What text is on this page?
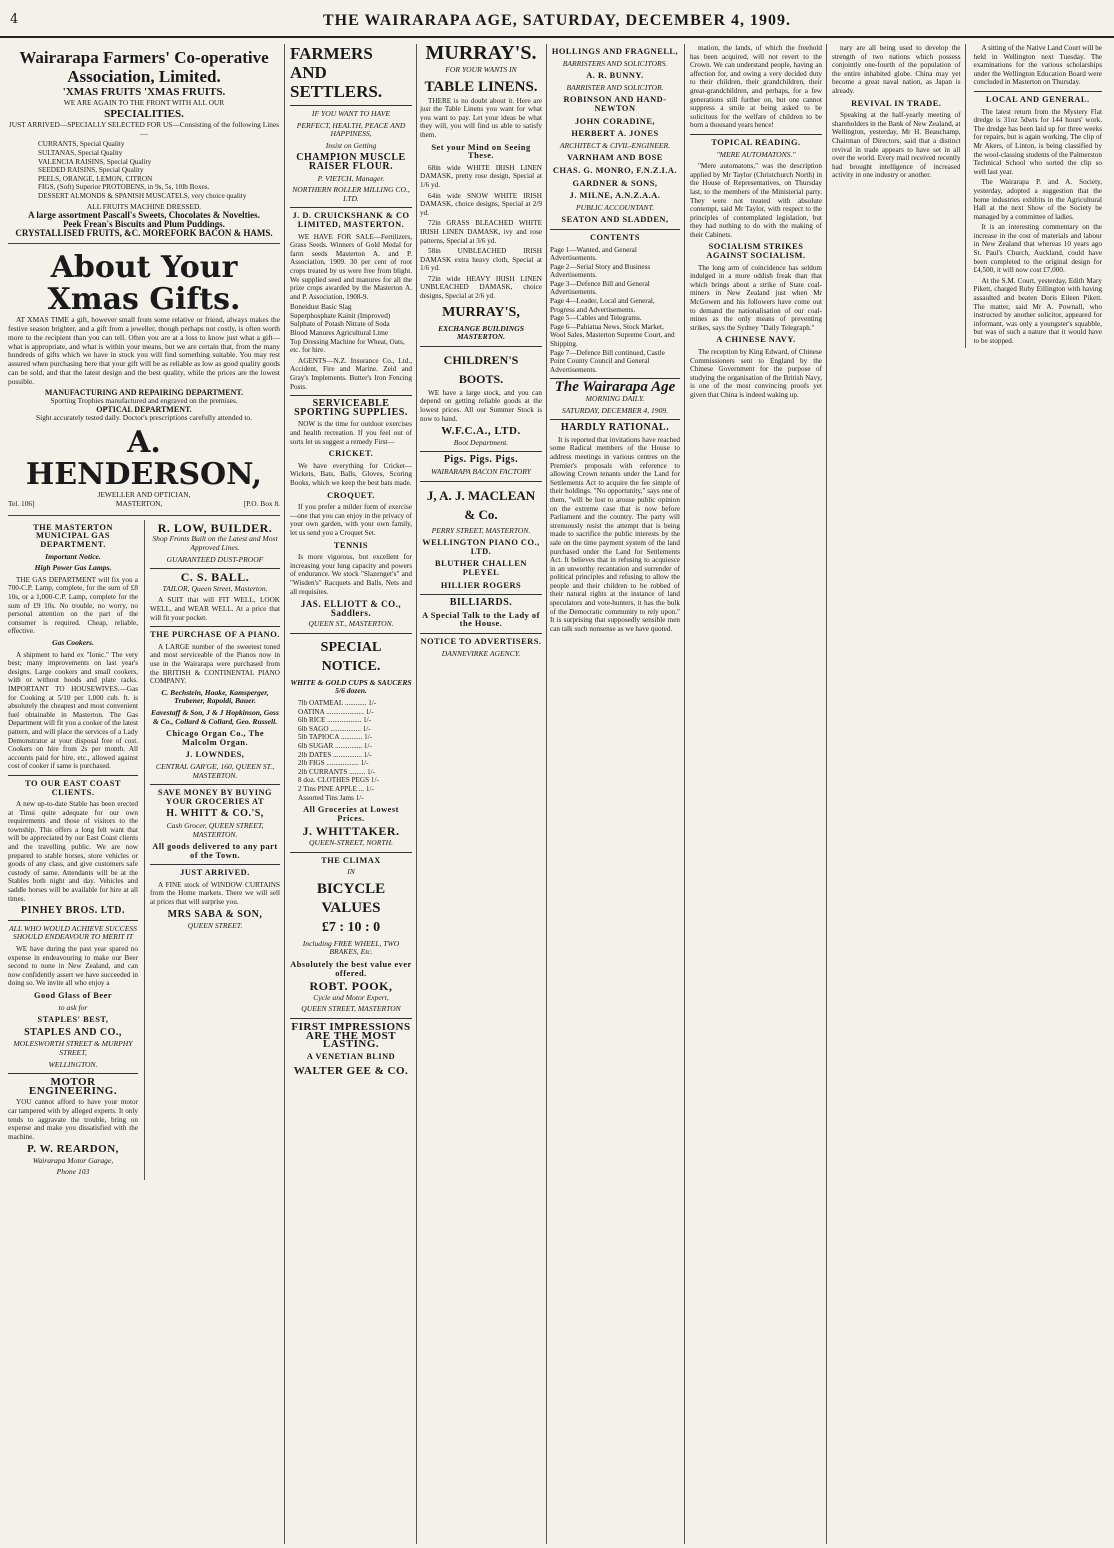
4	THE WAIRARAPA AGE, SATURDAY, DECEMBER 4, 1909.
Wairarapa Farmers' Co-operative Association, Limited.
'XMAS FRUITS 'XMAS FRUITS.
WE ARE AGAIN TO THE FRONT WITH ALL OUR
SPECIALITIES.
JUST ARRIVED—SPECIALLY SELECTED FOR US—Consisting of the following Lines—
CURRANTS, Special Quality
SULTANAS, Special Quality
VALENCIA RAISINS, Special Quality
SEEDED RAISINS, Special Quality
PEELS, ORANGE, LEMON, CITRON
FIGS, (Soft) Superior PROTOBENS, in 9s, 5s, 10lb Boxes.
DESSERT ALMONDS & SPANISH MUSCATELS, very choice quality
ALL FRUITS MACHINE DRESSED.
A large assortment Pascall's Sweets, Chocolates & Novelties.
Peek Frean's Biscuits and Plum Puddings.
CRYSTALLISED FRUITS, &C. MOREFORK BACON & HAMS.
About Your Xmas Gifts.

AT XMAS TIME a gift, however small from some relative or friend, always makes the festive season brighter, and a gift from a jeweller, though perhaps not costly, is often worth more to the recipient than you can tell. Often you are at a loss to know just what a gift—what is appropriate, and what is within your means, but we are certain that, from the many hundreds of gifts which we have in stock you will find something suitable. You may rest assured when purchasing here that your gift will be as reliable as low as good quality goods can be sold, and that the latest design and the best quality, while the prices are the lowest possible.

MANUFACTURING AND REPAIRING DEPARTMENT.
Sporting Trophies manufactured and engraved on the premises.
OPTICAL DEPARTMENT.
Sight accurately tested daily. Doctor's prescriptions carefully attended to.
A. HENDERSON,
JEWELLER AND OPTICIAN,
Tel. 106]	MASTERTON,	[P.O. Box 8.
THE MASTERTON MUNICIPAL GAS DEPARTMENT.
Important Notice.
High Power Gas Lamps.

THE GAS DEPARTMENT will fix you a 700-C.P. Lamp, complete, for the sum of £8 10s, or a 1,000-C.P. Lamp, complete for the sum of £9 10s. No trouble, no worry, no personal attention on the part of the consumer is required. Cheap, reliable, effective.

Gas Cookers.

A shipment to hand ex "Ionic." The very best; many improvements on last year's designs. Large cookers and small cookers, with or without hoods and plate racks. IMPORTANT TO HOUSEWIVES.—Gas for Cooking at 5/10 per 1,000 cub. ft. is absolutely the cheapest and most convenient fuel obtainable in Masterton. The Gas Department will fit you a cooker of the latest pattern, and will place the services of a Lady Demonstrator at your disposal free of cost. Cookers on hire from 2s per month. All accounts paid for hire, etc., allowed against cost of cooker if same is purchased.

TO OUR EAST COAST CLIENTS.

A new up-to-date Stable has been erected at Tinui quite adequate for our own requirements and those of visitors to the township. This offers a long felt want that will be appreciated by our East Coast clients and the travelling public. We are now prepared to stable horses, store vehicles or goods of any class, and give customers safe custody of same. Attendants will be at the Stables both night and day. Vehicles and saddle horses will be available for hire at all times.

PINHEY BROS. LTD.
ALL WHO WOULD ACHIEVE SUCCESS SHOULD ENDEAVOUR TO MERIT IT

WE have during the past year spared no expense in endeavouring to make our Beer second to none in New Zealand, and can now confidently assert we have succeeded in doing so. We invite all who enjoy a

Good Glass of Beer
to ask for
STAPLES' BEST,
STAPLES AND CO.,
MOLESWORTH STREET & MURPHY STREET,
WELLINGTON.
MOTOR ENGINEERING.

YOU cannot afford to have your motor car tampered with by alleged experts. It only tends to aggravate the trouble, bring on expense and make you dissatisfied with the machine.

P. W. REARDON,
Wairarapa Motor Garage,
Phone 103
R. LOW, BUILDER.
Shop Fronts Built on the Latest and Most Approved Lines.
GUARANTEED DUST-PROOF
C. S. BALL.
TAILOR, Queen Street, Masterton.

A SUIT that will FIT WELL, LOOK WELL, and WEAR WELL. At a price that will fit your pocket.

THE PURCHASE OF A PIANO.

A LARGE number of the sweetest toned and most serviceable of the Pianos now in use in the Wairarapa were purchased from the BRITISH & CONTINENTAL PIANO COMPANY.

C. Bechstein, Haake, Kamsperger, Trubener, Rapoldi, Bauer.
Eavestaff & Son, J & J Hopkinson, Goss & Co., Collard & Collard, Geo. Russell.
Chicago Organ Co., The Malcolm Organ.
J. LOWNDES,
CENTRAL GAR'GE, 160, QUEEN ST., MASTERTON.
SAVE MONEY BY BUYING YOUR GROCERIES AT
H. WHITT & CO.'S,
Cash Grocer, QUEEN STREET, MASTERTON.
All goods delivered to any part of the Town.
JUST ARRIVED.

A FINE stock of WINDOW CURTAINS from the Home markets. There we will sell at prices that will surprise you.

MRS SABA & SON,
QUEEN STREET.
FARMERS AND SETTLERS.
IF YOU WANT TO HAVE
PERFECT, HEALTH, PEACE AND HAPPINESS,
Insist on Getting
CHAMPION MUSCLE RAISER FLOUR.
P. VIETCH, Manager.
NORTHERN ROLLER MILLING CO., LTD.
J. D. CRUICKSHANK & CO LIMITED, MASTERTON.

WE HAVE FOR SALE—Fertilizers, Grass Seeds. Winners of Gold Medal for farm seeds Masterton A. and P. Association, 1909. 30 per cent of root crops treated by us were free from blight. We supplied seed and manures for all the prize crops awarded by the Masterton A. and P. Association, 1908-9.

Boneidust Basic Slag
Superphosphate Kainit (Improved)
Sulphate of Potash Nitrate of Soda
Blood Manures Agricultural Lime
Top Dressing Machine for Wheat, Oats, etc. for hire.

AGENTS—N.Z. Insurance Co., Ltd., Accident, Fire and Marine. Zeid and Gray's Implements. Butter's Iron Fencing Posts.

SERVICEABLE SPORTING SUPPLIES.

NOW is the time for outdoor exercises and health recreation. If you feel out of sorts let us suggest a remedy First—

CRICKET.

We have everything for Cricket—Wickets, Bats, Balls, Gloves, Scoring Books, which we keep the best bats made.

CROQUET.

If you prefer a milder form of exercise —one that you can enjoy in the privacy of your own garden, with your own family, let us send you a Croquet Set.

TENNIS

Is more vigorous, but excellent for increasing your lung capacity and powers of endurance. We stock "Slazenger's" and "Wisden's" Racquets and Balls, Nets and all requisites.

JAS. ELLIOTT & CO., Saddlers.
QUEEN ST., MASTERTON.
SPECIAL NOTICE.
WHITE & GOLD CUPS & SAUCERS 5/6 dozen.
7lb OATMEAL ............ 1/-
OATINA ..................... 1/-
6lb RICE ................... 1/-
6lb SAGO ................. 1/-
5lb TAPIOCA ............ 1/-
6lb SUGAR ............... 1/-
2lb DATES ................ 1/-
2lb FIGS .................. 1/-
2lb CURRANTS ......... 1/-
8 doz. CLOTHES PEGS 1/-
2 Tins PINE APPLE ... 1/-
Assorted Tins Jams 1/-
All Groceries at Lowest Prices.
J. WHITTAKER.
QUEEN-STREET, NORTH.
THE CLIMAX
IN
BICYCLE VALUES
£7 : 10 : 0
Including FREE WHEEL, TWO BRAKES, Etc.
Absolutely the best value ever offered.
ROBT. POOK,
Cycle and Motor Expert,
QUEEN STREET, MASTERTON
FIRST IMPRESSIONS ARE THE MOST LASTING.
A VENETIAN BLIND
WALTER GEE & CO.
MURRAY'S.
FOR YOUR WANTS IN
TABLE LINENS.

THERE is no doubt about it. Here are just the Table Linens you want for what you want to pay. Let your ideas be what they will, you will find us able to satisfy them.

Set your Mind on Seeing These.

68in wide WHITE IRISH LINEN DAMASK, pretty rose design, Special at 1/6 yd.

64in wide SNOW WHITE IRISH DAMASK, choice designs, Special at 2/9 yd.

72in GRASS BLEACHED WHITE IRISH LINEN DAMASK, ivy and rose patterns, Special at 3/6 yd.

58in UNBLEACHED IRISH DAMASK extra heavy cloth, Special at 1/6 yd.

72in wide HEAVY IRISH LINEN UNBLEACHED DAMASK, choice designs, Special at 2/6 yd.

MURRAY'S,
EXCHANGE BUILDINGS MASTERTON.
CHILDREN'S BOOTS.

WE have a large stock, and you can depend on getting reliable goods at the lowest prices. All our Summer Stock is now to hand.

W.F.C.A., LTD.
Boot Department.
Pigs. Pigs. Pigs.
WAIRARAPA BACON FACTORY
J, A. J. MACLEAN & Co.
PERRY STREET, MASTERTON.
WELLINGTON PIANO CO., LTD.
BLUTHER CHALLEN PLEYEL
HILLIER ROGERS
BILLIARDS.
A Special Talk to the Lady of the House.
NOTICE TO ADVERTISERS.
DANNEVIRKE AGENCY.
HOLLINGS AND FRAGNELL,
BARRISTERS AND SOLICITORS.
A. R. BUNNY.
BARRISTER AND SOLICITOR.
ROBINSON AND HAND-NEWTON
JOHN CORADINE,
HERBERT A. JONES
ARCHITECT & CIVIL-ENGINEER.
VARNHAM AND BOSE
CHAS. G. MONRO, F.N.Z.I.A.
GARDNER & SONS,
J. MILNE, A.N.Z.A.A.
PUBLIC ACCOUNTANT.
SEATON AND SLADDEN,
CONTENTS
Page 1—Wanted, and General Advertisements.
Page 2—Serial Story and Business Advertisements.
Page 3—Defence Bill and General Advertisements.
Page 4—Leader, Local and General, Progress and Advertisements.
Page 5—Cables and Telegrams.
Page 6—Pahiatua News, Stock Market, Wool Sales, Masterton Supreme Court, and Shipping.
Page 7—Defence Bill continued, Castle Point County Council and General Advertisements.
The Wairarapa Age
MORNING DAILY.
SATURDAY, DECEMBER 4, 1909.
HARDLY RATIONAL.

It is reported that invitations have reached some Radical members of the House to address meetings in various centres on the Premier's proposals with reference to allowing Crown tenants under the Land for Settlements Act to acquire the fee simple of their holdings. "No opportunity," says one of them, "will be lost to arouse public opinion on the extreme case that is now before Parliament and the country. The party will strenuously resist the attempt that is being made to sacrifice the public interests by the sale on the time payment system of the land purchased under the Land for Settlements Act. It believes that in refusing to acquiesce in an unworthy recantation and surrender of political principles and refusing to allow the people and their children to be robbed of their natural rights at the instance of land speculators and vote-hunters, it has the bulk of the Democratic community to rely upon." It is surprising that supposedly sensible men can talk such nonsense as we have quoted.

mation, the lands, of which the freehold has been acquired, will not revert to the Crown. We can understand people, having an affection for, and owing a very decided duty to their children, their grandchildren, their great-grandchildren, and perhaps, for a few generations still further on, but one cannot suppress a smile at being asked to be solicitous for the welfare of children to be born a thousand years hence!

TOPICAL READING.
"MERE AUTOMATONS."

"Mere automatons," was the description applied by Mr Taylor (Christchurch North) in the House of Representatives, on Thursday last, to the members of the Ministerial party. They were not treated with absolute contempt, said Mr Taylor, with respect to the principles of contemplated legislation, but they had nothing to do with the making of their Cabinets.

SOCIALISM STRIKES AGAINST SOCIALISM.

The long arm of coincidence has seldom indulged in a more oddish freak than that which brings about a strike of State coal-miners in New Zealand just when Mr McGowen and his followers have come out to demand the nationalisation of our coal-mines as the only means of preventing strikes, says the Sydney "Daily Telegraph."

A CHINESE NAVY.

The reception by King Edward, of Chinese Commissioners sent to England by the Chinese Government for the purpose of studying the organisation of the British Navy, is one of the most convincing proofs yet given that China is indeed waking up.

nary are all being used to develop the strength of two nations which possess conjointly one-fourth of the population of the entire inhabited globe. China may yet become a great naval nation, as Japan is already.

REVIVAL IN TRADE.

Speaking at the half-yearly meeting of shareholders in the Bank of New Zealand, at Wellington, yesterday, Mr H. Beauchamp, Chairman of Directors, said that a distinct revival in trade appears to have set in all over the world. Every mail received recently had brought intelligence of increased activity in one industry or another.

A sitting of the Native Land Court will be held in Wellington next Tuesday. The examinations for the various scholarships under the Wellington Education Board were concluded in Masterton on Thursday.

LOCAL AND GENERAL.

The latest return from the Mystery Flat dredge is 31oz 5dwts for 144 hours' work. The dredge has been laid up for three weeks for repairs, but is again working. The clip of Mr Akers, of Linton, is being classified by the wool-classing students of the Palmerston Technical School who sorted the clip so well last year.

The Wairarapa P. and A. Society, yesterday, adopted a suggestion that the home industries exhibits in the Agricultural Hall at the next Show of the Society be managed by a committee of ladies.

It is an interesting commentary on the increase in the cost of materials and labour in New Zealand that whereas 10 years ago St. Paul's Church, Auckland, could have been completed to the original design for £4,500, it will now cost £7,000.

At the S.M. Court, yesterday, Edith Mary Pikett, charged Ruby Eillington with having assaulted and beaten Doris Eileen Pikett. The matter, said Mr A. Pownall, who instructed by another solicitor, appeared for informant, was only a youngster's squabble, but was of such a nature that it would have to be stopped.
